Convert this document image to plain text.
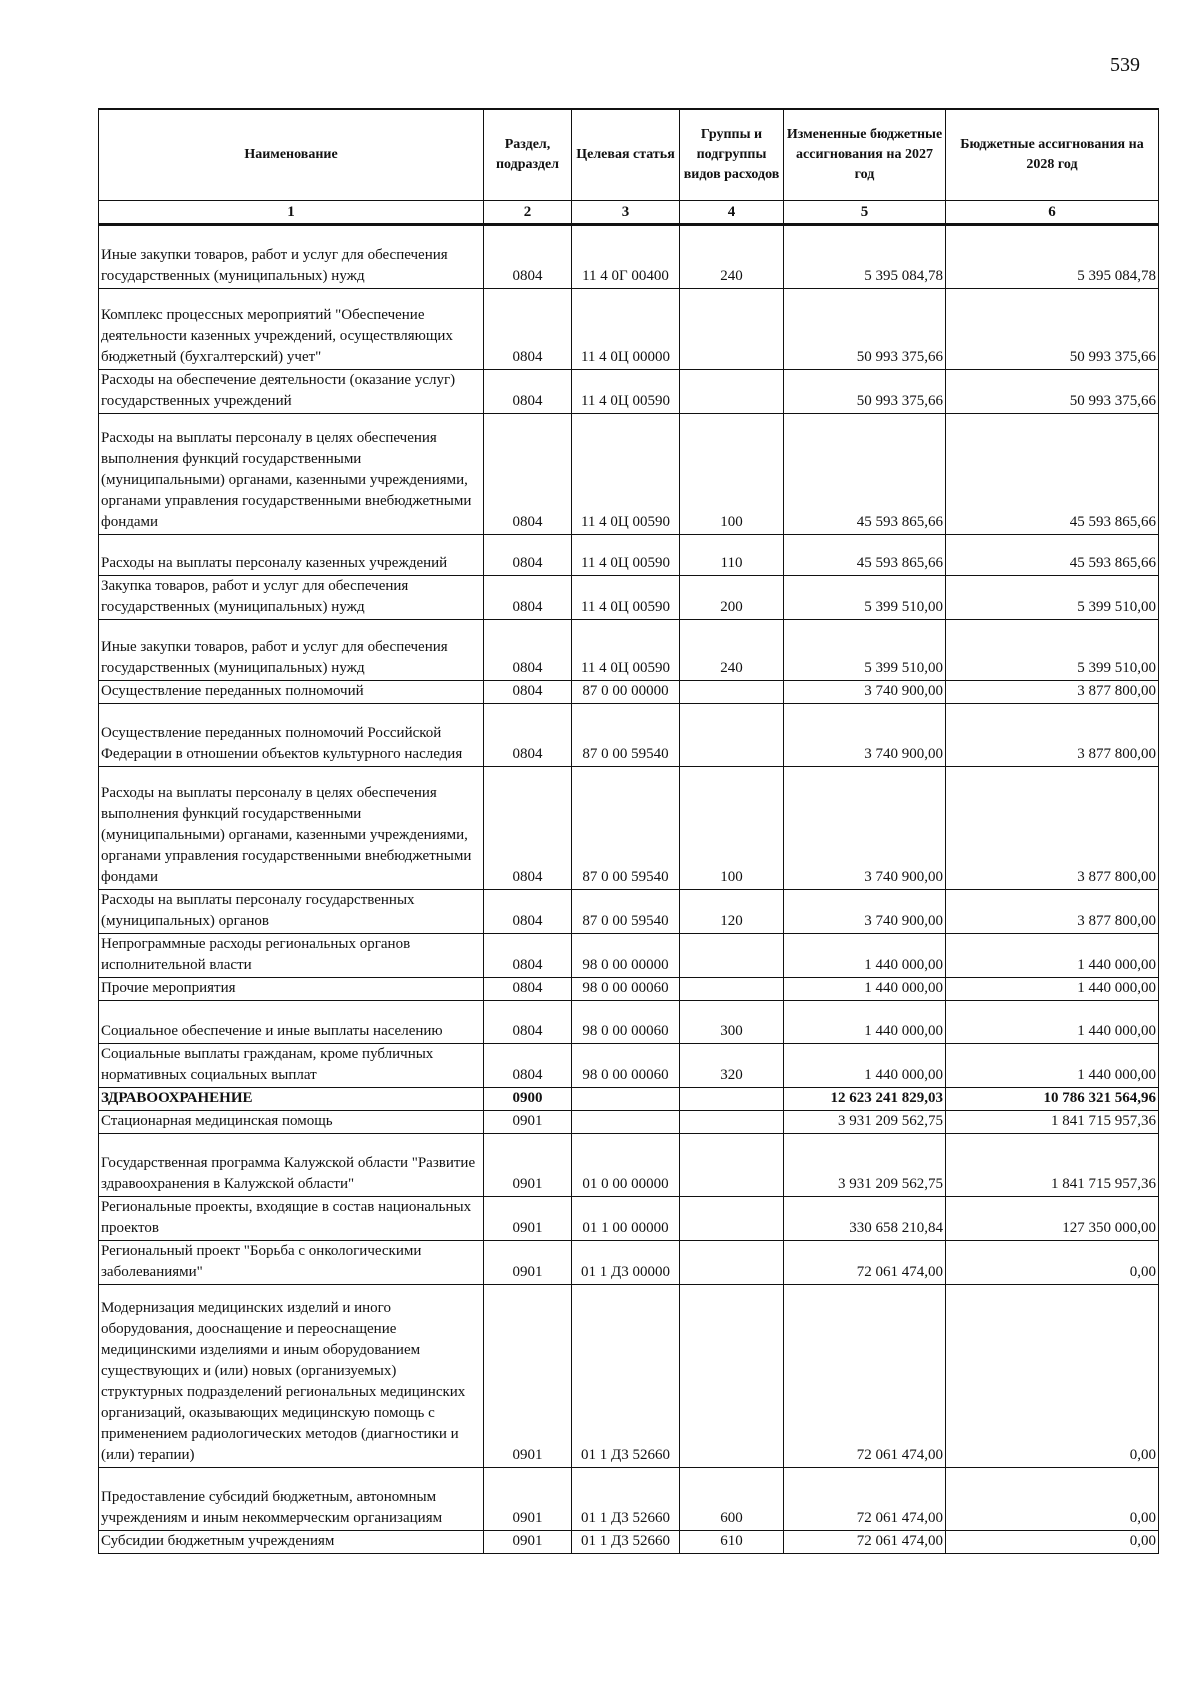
539
Наименование	Раздел, подраздел	Целевая статья	Группы и подгруппы видов расходов	Измененные бюджетные ассигнования на 2027 год	Бюджетные ассигнования на 2028 год
1	2	3	4	5	6
Иные закупки товаров, работ и услуг для обеспечения государственных (муниципальных) нужд	0804	11 4 0Г 00400	240	5 395 084,78	5 395 084,78
Комплекс процессных мероприятий "Обеспечение деятельности казенных учреждений, осуществляющих бюджетный (бухгалтерский) учет"	0804	11 4 0Ц 00000		50 993 375,66	50 993 375,66
Расходы на обеспечение деятельности (оказание услуг) государственных учреждений	0804	11 4 0Ц 00590		50 993 375,66	50 993 375,66
Расходы на выплаты персоналу в целях обеспечения выполнения функций государственными (муниципальными) органами, казенными учреждениями, органами управления государственными внебюджетными фондами	0804	11 4 0Ц 00590	100	45 593 865,66	45 593 865,66
Расходы на выплаты персоналу казенных учреждений	0804	11 4 0Ц 00590	110	45 593 865,66	45 593 865,66
Закупка товаров, работ и услуг для обеспечения государственных (муниципальных) нужд	0804	11 4 0Ц 00590	200	5 399 510,00	5 399 510,00
Иные закупки товаров, работ и услуг для обеспечения государственных (муниципальных) нужд	0804	11 4 0Ц 00590	240	5 399 510,00	5 399 510,00
Осуществление переданных полномочий	0804	87 0 00 00000		3 740 900,00	3 877 800,00
Осуществление переданных полномочий Российской Федерации в отношении объектов культурного наследия	0804	87 0 00 59540		3 740 900,00	3 877 800,00
Расходы на выплаты персоналу в целях обеспечения выполнения функций государственными (муниципальными) органами, казенными учреждениями, органами управления государственными внебюджетными фондами	0804	87 0 00 59540	100	3 740 900,00	3 877 800,00
Расходы на выплаты персоналу государственных (муниципальных) органов	0804	87 0 00 59540	120	3 740 900,00	3 877 800,00
Непрограммные расходы региональных органов исполнительной власти	0804	98 0 00 00000		1 440 000,00	1 440 000,00
Прочие мероприятия	0804	98 0 00 00060		1 440 000,00	1 440 000,00
Социальное обеспечение и иные выплаты населению	0804	98 0 00 00060	300	1 440 000,00	1 440 000,00
Социальные выплаты гражданам, кроме публичных нормативных социальных выплат	0804	98 0 00 00060	320	1 440 000,00	1 440 000,00
ЗДРАВООХРАНЕНИЕ	0900			12 623 241 829,03	10 786 321 564,96
Стационарная медицинская помощь	0901			3 931 209 562,75	1 841 715 957,36
Государственная программа Калужской области "Развитие здравоохранения в Калужской области"	0901	01 0 00 00000		3 931 209 562,75	1 841 715 957,36
Региональные проекты, входящие в состав национальных проектов	0901	01 1 00 00000		330 658 210,84	127 350 000,00
Региональный проект "Борьба с онкологическими заболеваниями"	0901	01 1 Д3 00000		72 061 474,00	0,00
Модернизация медицинских изделий и иного оборудования, дооснащение и переоснащение медицинскими изделиями и иным оборудованием существующих и (или) новых (организуемых) структурных подразделений региональных медицинских организаций, оказывающих медицинскую помощь с применением радиологических методов (диагностики и (или) терапии)	0901	01 1 Д3 52660		72 061 474,00	0,00
Предоставление субсидий бюджетным, автономным учреждениям и иным некоммерческим организациям	0901	01 1 Д3 52660	600	72 061 474,00	0,00
Субсидии бюджетным учреждениям	0901	01 1 Д3 52660	610	72 061 474,00	0,00
